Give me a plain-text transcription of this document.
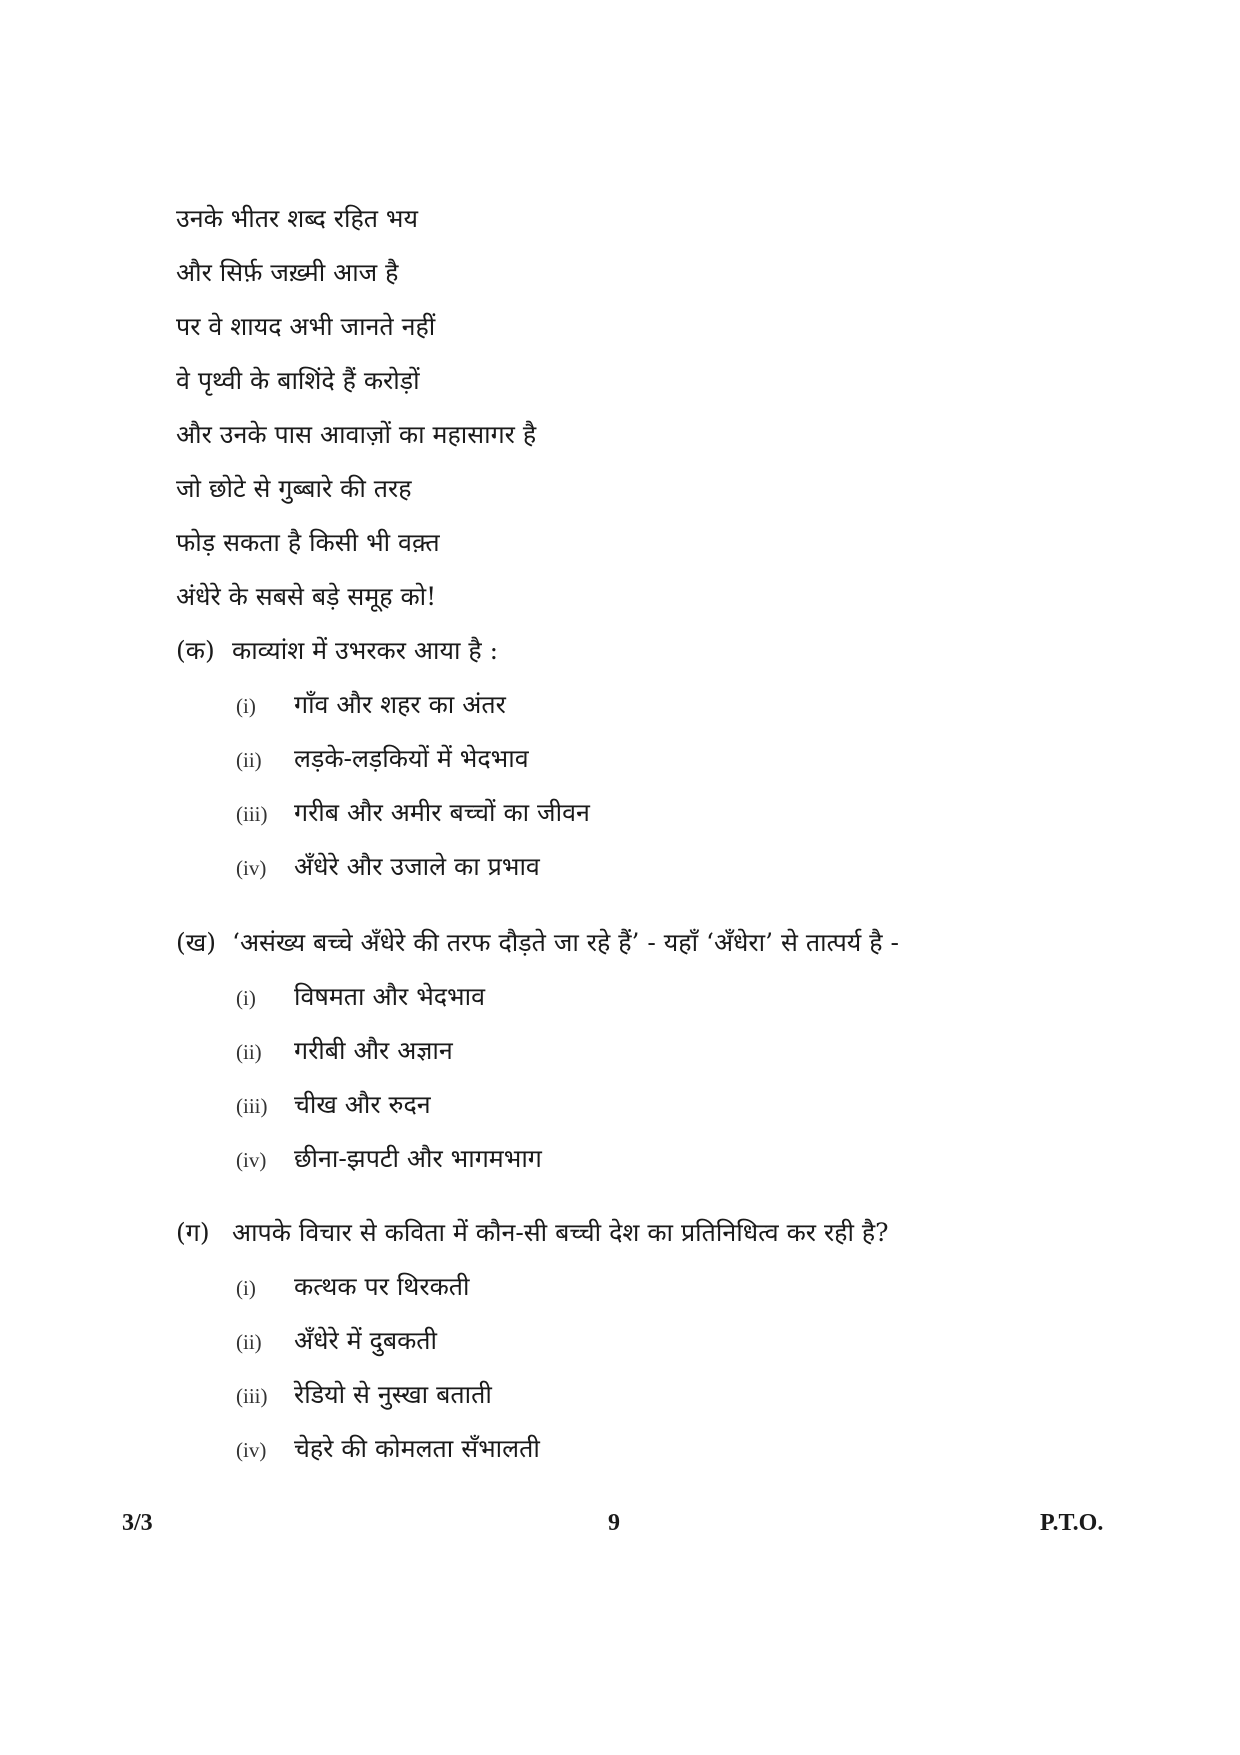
उनके भीतर शब्द रहित भय
और सिर्फ़ जख़्मी आज है
पर वे शायद अभी जानते नहीं
वे पृथ्वी के बाशिंदे हैं करोड़ों
और उनके पास आवाज़ों का महासागर है
जो छोटे से गुब्बारे की तरह
फोड़ सकता है किसी भी वक़्त
अंधेरे के सबसे बड़े समूह को!
(क) काव्यांश में उभरकर आया है :
(i) गाँव और शहर का अंतर
(ii) लड़के-लड़कियों में भेदभाव
(iii) गरीब और अमीर बच्चों का जीवन
(iv) अँधेरे और उजाले का प्रभाव
(ख) ‘असंख्य बच्चे अँधेरे की तरफ दौड़ते जा रहे हैं’ - यहाँ ‘अँधेरा’ से तात्पर्य है -
(i) विषमता और भेदभाव
(ii) गरीबी और अज्ञान
(iii) चीख और रुदन
(iv) छीना-झपटी और भागमभाग
(ग) आपके विचार से कविता में कौन-सी बच्ची देश का प्रतिनिधित्व कर रही है?
(i) कत्थक पर थिरकती
(ii) अँधेरे में दुबकती
(iii) रेडियो से नुस्खा बताती
(iv) चेहरे की कोमलता सँभालती
3/3	9	P.T.O.
